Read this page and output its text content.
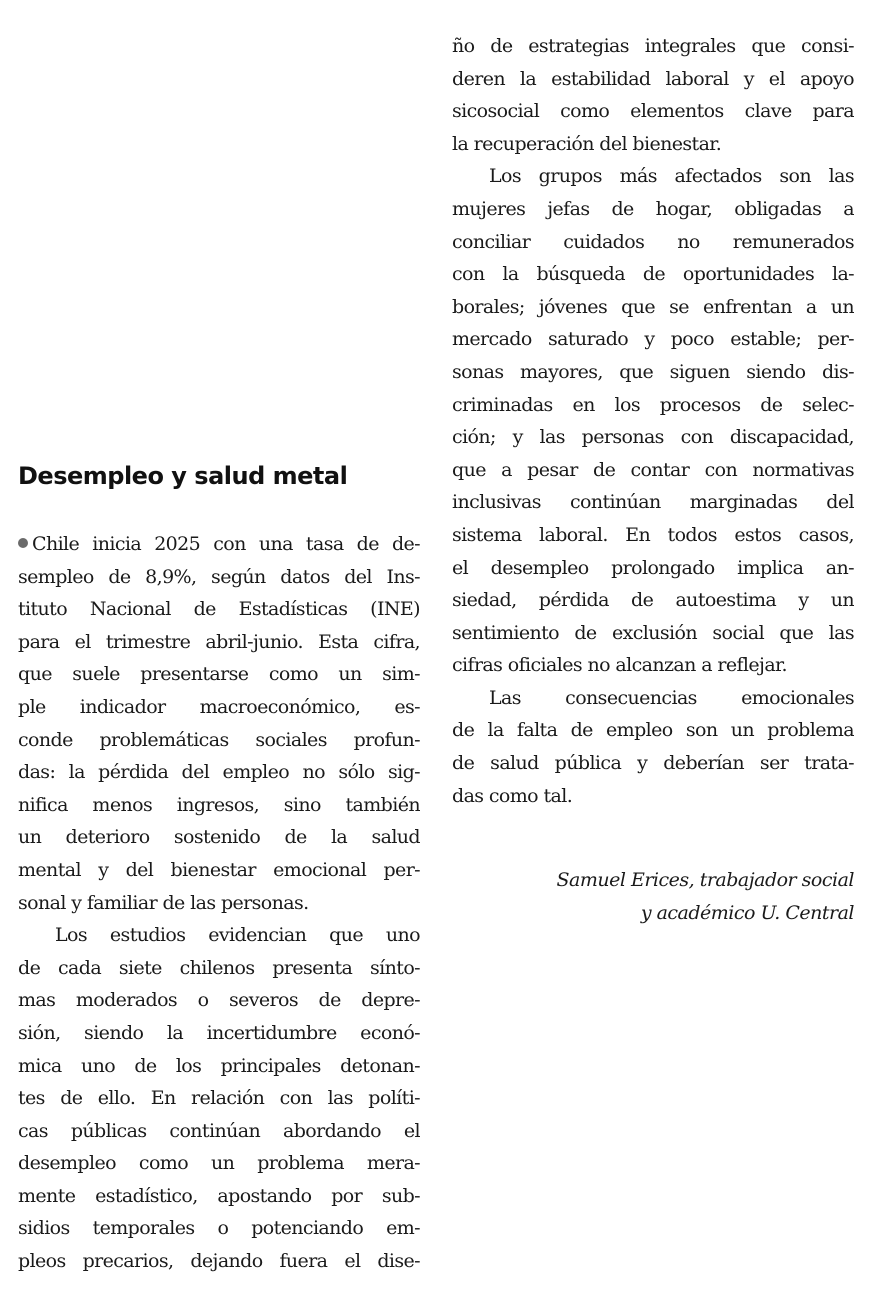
Desempleo y salud metal
Chile inicia 2025 con una tasa de de-
sempleo de 8,9%, según datos del Ins-
tituto Nacional de Estadísticas (INE)
para el trimestre abril-junio. Esta cifra,
que suele presentarse como un sim-
ple indicador macroeconómico, es-
conde problemáticas sociales profun-
das: la pérdida del empleo no sólo sig-
nifica menos ingresos, sino también
un deterioro sostenido de la salud
mental y del bienestar emocional per-
sonal y familiar de las personas.
Los estudios evidencian que uno
de cada siete chilenos presenta sínto-
mas moderados o severos de depre-
sión, siendo la incertidumbre econó-
mica uno de los principales detonan-
tes de ello. En relación con las políti-
cas públicas continúan abordando el
desempleo como un problema mera-
mente estadístico, apostando por sub-
sidios temporales o potenciando em-
pleos precarios, dejando fuera el dise-
ño de estrategias integrales que consi-
deren la estabilidad laboral y el apoyo
sicosocial como elementos clave para
la recuperación del bienestar.
Los grupos más afectados son las
mujeres jefas de hogar, obligadas a
conciliar cuidados no remunerados
con la búsqueda de oportunidades la-
borales; jóvenes que se enfrentan a un
mercado saturado y poco estable; per-
sonas mayores, que siguen siendo dis-
criminadas en los procesos de selec-
ción; y las personas con discapacidad,
que a pesar de contar con normativas
inclusivas continúan marginadas del
sistema laboral. En todos estos casos,
el desempleo prolongado implica an-
siedad, pérdida de autoestima y un
sentimiento de exclusión social que las
cifras oficiales no alcanzan a reflejar.
Las consecuencias emocionales
de la falta de empleo son un problema
de salud pública y deberían ser trata-
das como tal.
Samuel Erices, trabajador social
y académico U. Central
